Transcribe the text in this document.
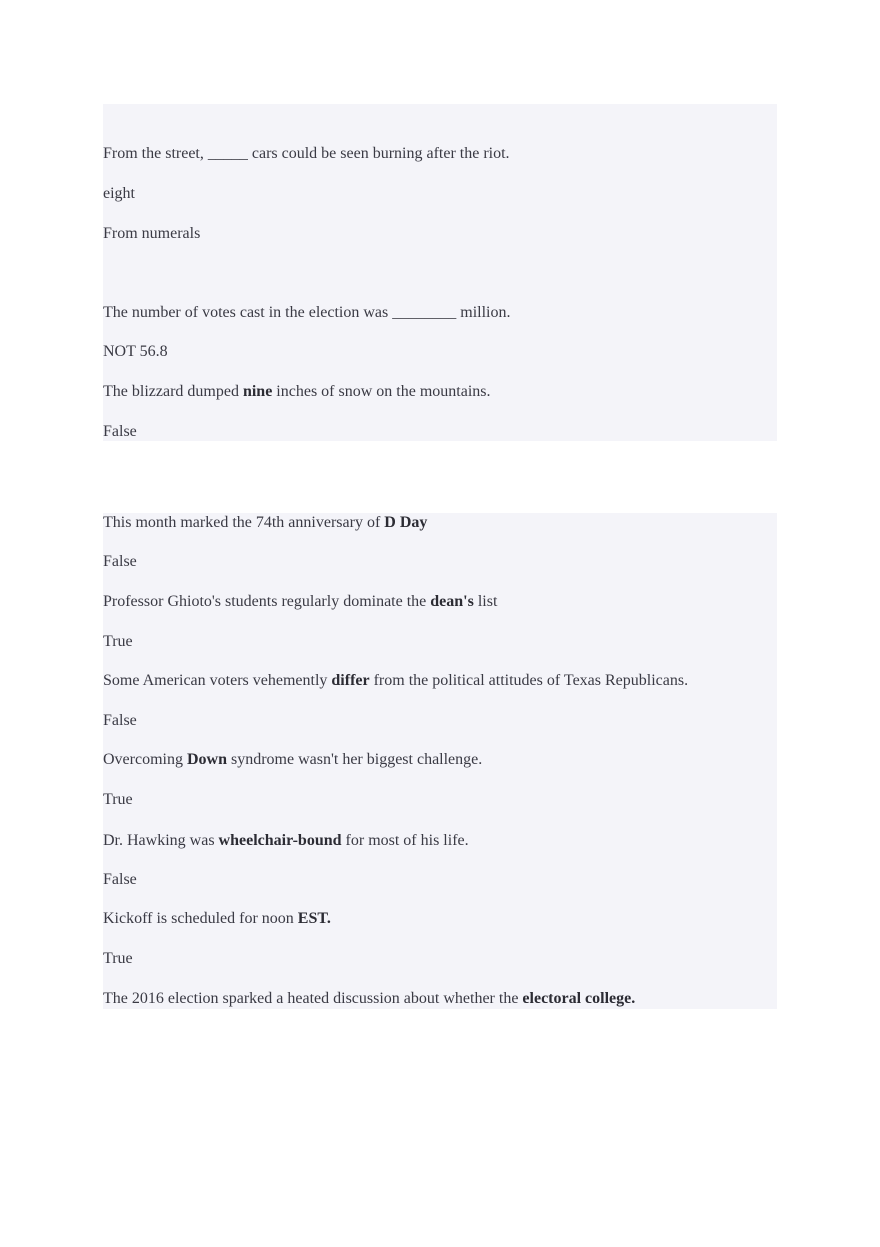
From the street, _____ cars could be seen burning after the riot.
eight
From numerals
The number of votes cast in the election was ________ million.
NOT 56.8
The blizzard dumped nine inches of snow on the mountains.
False
This month marked the 74th anniversary of D Day
False
Professor Ghioto's students regularly dominate the dean's list
True
Some American voters vehemently differ from the political attitudes of Texas Republicans.
False
Overcoming Down syndrome wasn't her biggest challenge.
True
Dr. Hawking was wheelchair-bound for most of his life.
False
Kickoff is scheduled for noon EST.
True
The 2016 election sparked a heated discussion about whether the electoral college.
